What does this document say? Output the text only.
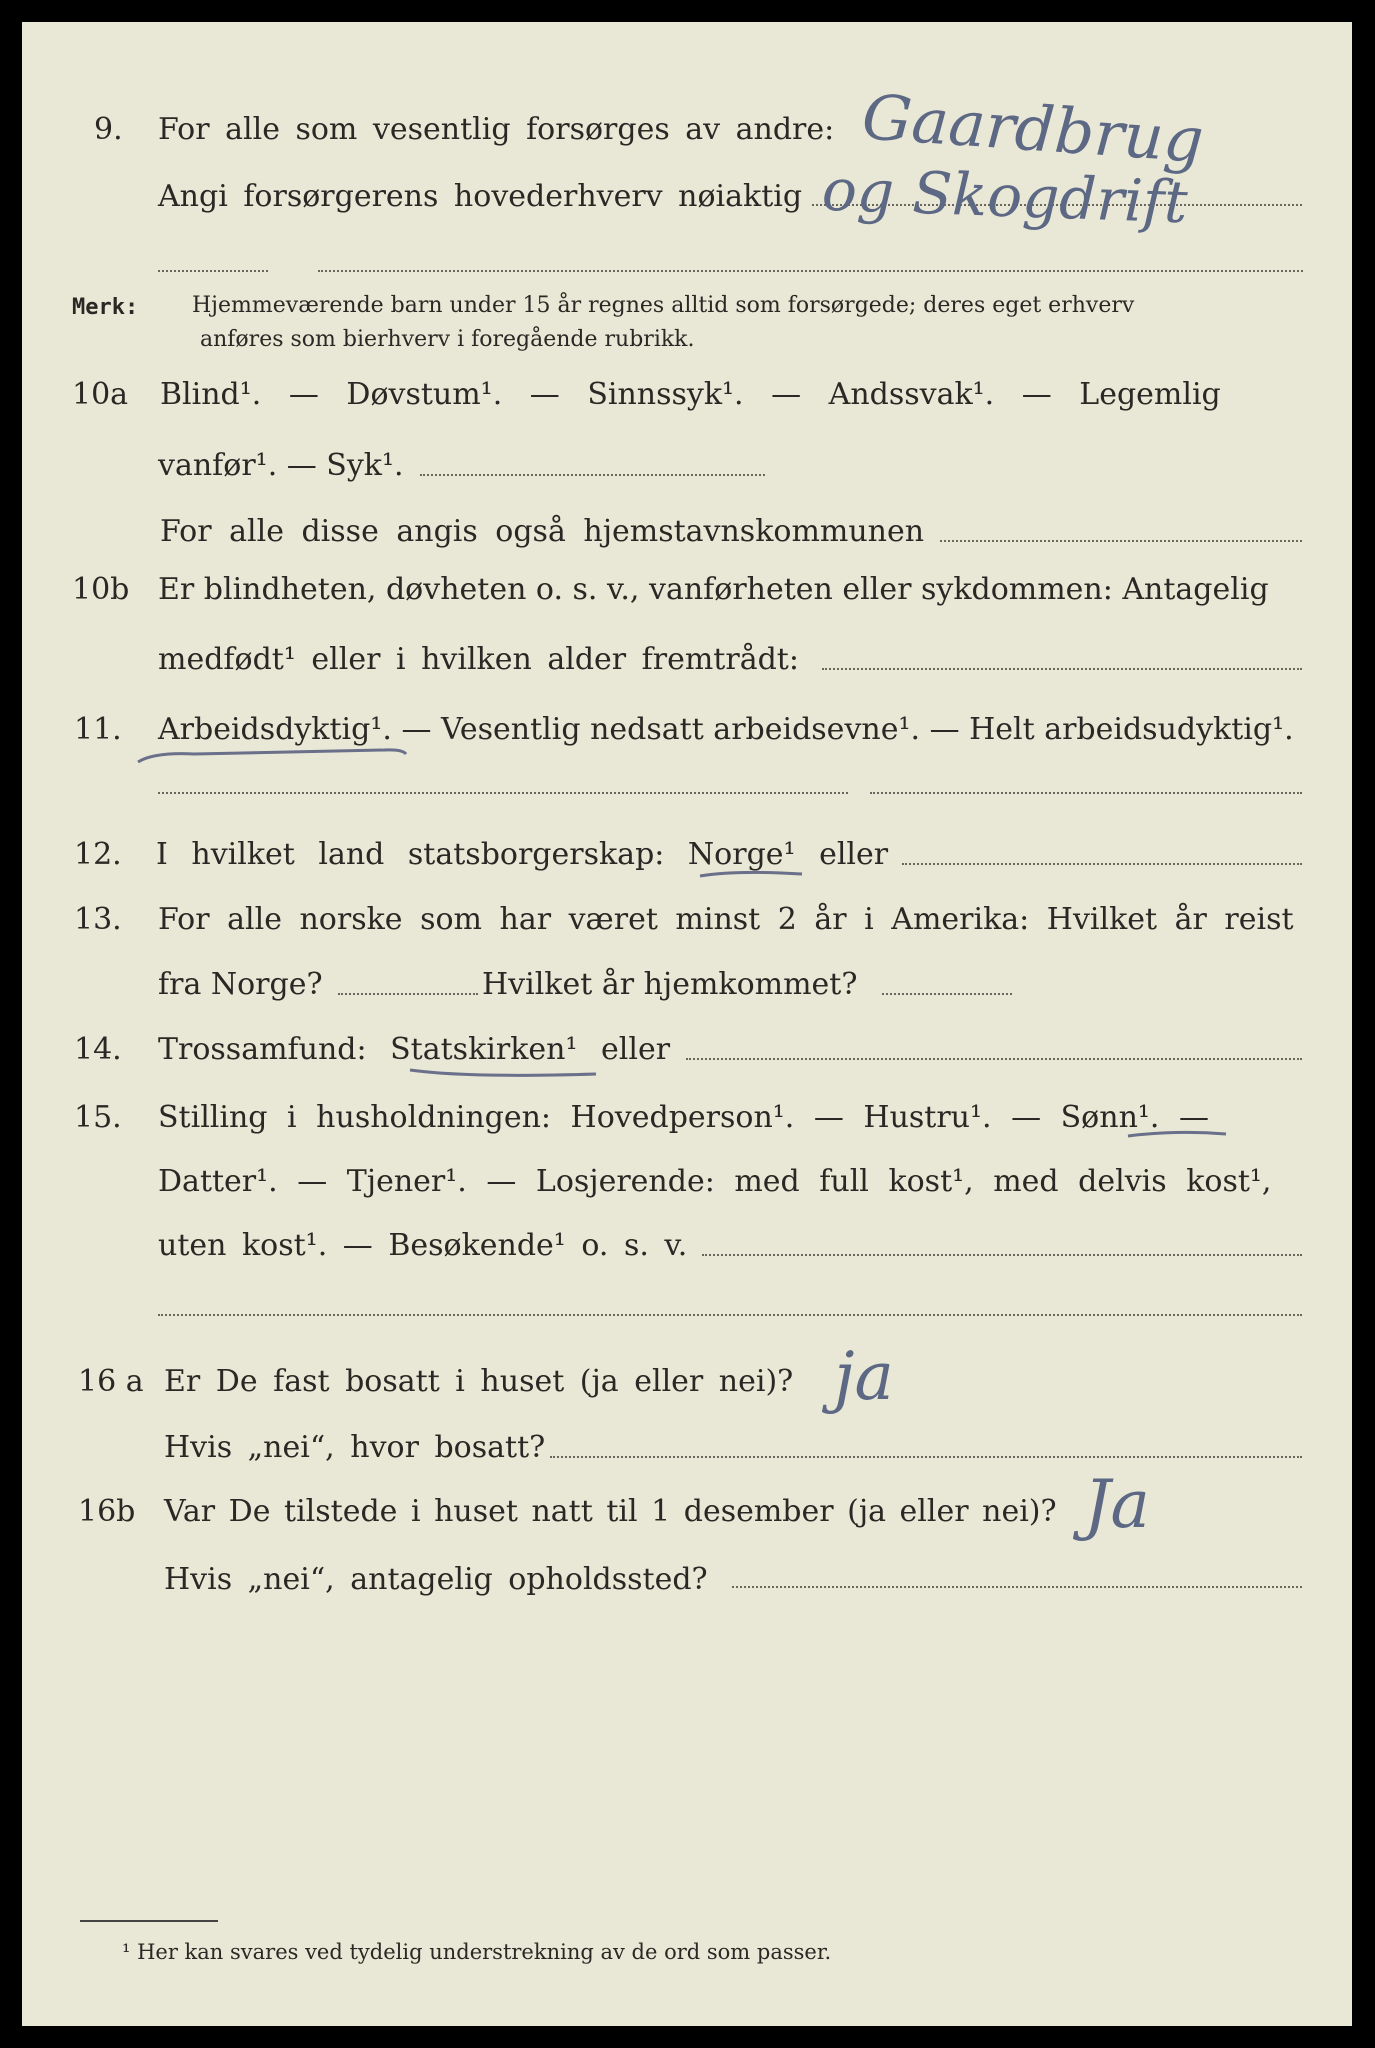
9. For alle som vesentlig forsørges av andre: Gaardbrug
Angi forsørgerens hovederhverv nøiaktig og Skogdrift
Merk: Hjemmeværende barn under 15 år regnes alltid som forsørgede; deres eget erhverv
anføres som bierhverv i foregående rubrikk.
10a Blind¹. — Døvstum¹. — Sinnssyk¹. — Andssvak¹. — Legemlig
vanfør¹. — Syk¹.
For alle disse angis også hjemstavnskommunen
10b Er blindheten, døvheten o. s. v., vanførheten eller sykdommen: Antagelig
medfødt¹ eller i hvilken alder fremtrådt:
11. Arbeidsdyktig¹. — Vesentlig nedsatt arbeidsevne¹. — Helt arbeidsudyktig¹.
12. I hvilket land statsborgerskap: Norge¹ eller
13. For alle norske som har været minst 2 år i Amerika: Hvilket år reist
fra Norge?	Hvilket år hjemkommet?
14. Trossamfund: Statskirken¹ eller
15. Stilling i husholdningen: Hovedperson¹. — Hustru¹. — Sønn¹. —
Datter¹. — Tjener¹. — Losjerende: med full kost¹, med delvis kost¹,
uten kost¹. — Besøkende¹ o. s. v.
16 a Er De fast bosatt i huset (ja eller nei)? ja
Hvis „nei“, hvor bosatt?
16b Var De tilstede i huset natt til 1 desember (ja eller nei)? Ja
Hvis „nei“, antagelig opholdssted?
¹ Her kan svares ved tydelig understrekning av de ord som passer.
